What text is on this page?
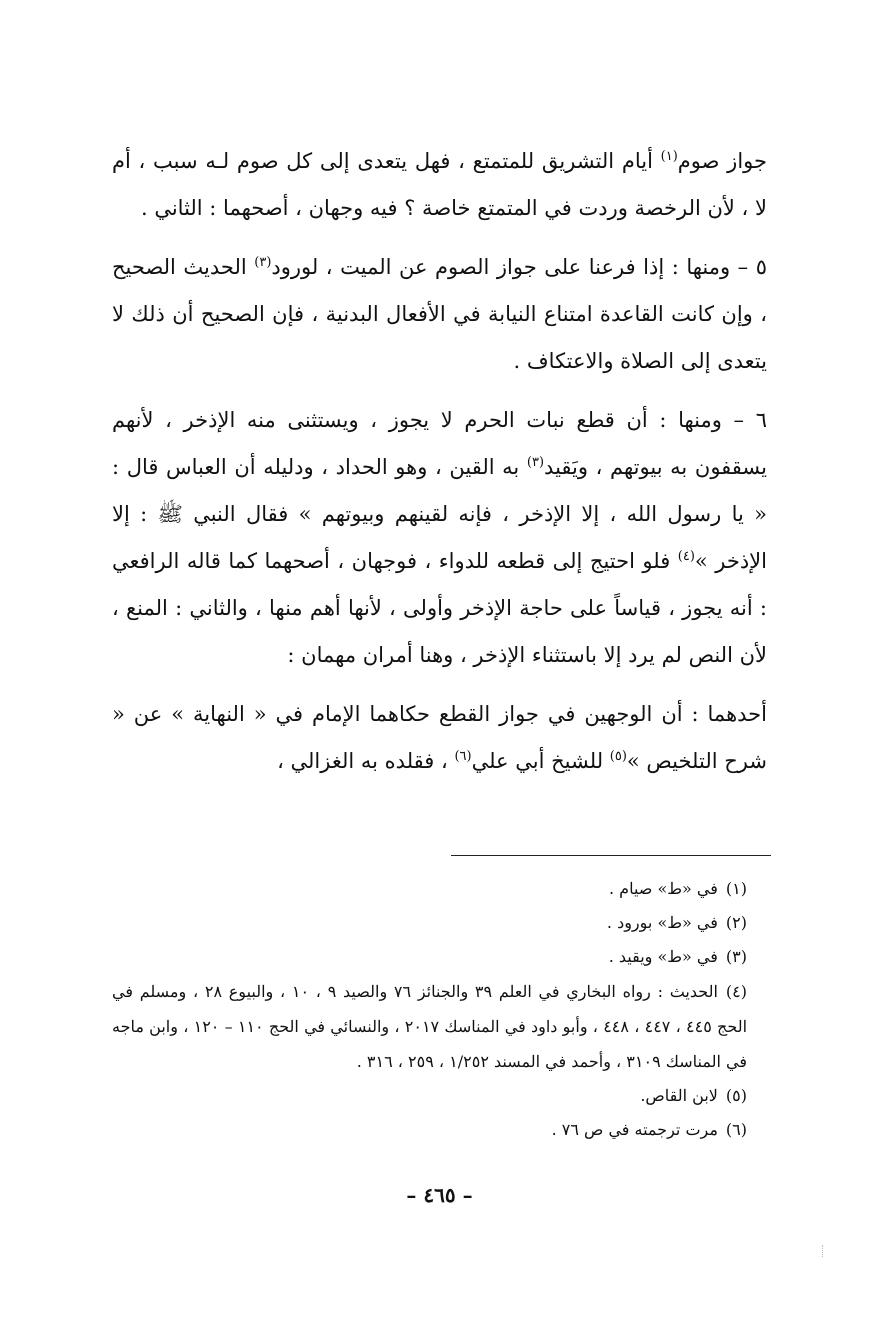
جواز صوم$^{(١)}$ أيام التشريق للمتمتع ، فهل يتعدى إلى كل صوم لـه سبب ، أم لا ، لأن الرخصة وردت في المتمتع خاصة ؟ فيه وجهان ، أصحهما : الثاني .

٥ – ومنها : إذا فرعنا على جواز الصوم عن الميت ، لورود$^{(٣)}$ الحديث الصحيح ، وإن كانت القاعدة امتناع النيابة في الأفعال البدنية ، فإن الصحيح أن ذلك لا يتعدى إلى الصلاة والاعتكاف .

٦ – ومنها : أن قطع نبات الحرم لا يجوز ، ويستثنى منه الإذخر ، لأنهم يسقفون به بيوتهم ، ويَقيد$^{(٣)}$ به القين ، وهو الحداد ، ودليله أن العباس قال : « يا رسول الله ، إلا الإذخر ، فإنه لقينهم وبيوتهم » فقال النبي ﷺ : إلا الإذخر »$^{(٤)}$ فلو احتيج إلى قطعه للدواء ، فوجهان ، أصحهما كما قاله الرافعي : أنه يجوز ، قياساً على حاجة الإذخر وأولى ، لأنها أهم منها ، والثاني : المنع ، لأن النص لم يرد إلا باستثناء الإذخر ، وهنا أمران مهمان :

أحدهما : أن الوجهين في جواز القطع حكاهما الإمام في « النهاية » عن « شرح التلخيص »$^{(٥)}$ للشيخ أبي علي$^{(٦)}$ ، فقلده به الغزالي ،

(١)في «ط» صيام .

(٢)في «ط» بورود .

(٣)في «ط» ويقيد .

(٤)الحديث : رواه البخاري في العلم ٣٩ والجنائز ٧٦ والصيد ٩ ، ١٠ ، والبيوع ٢٨ ، ومسلم في الحج ٤٤٥ ، ٤٤٧ ، ٤٤٨ ، وأبو داود في المناسك ٢٠١٧ ، والنسائي في الحج ١١٠ – ١٢٠ ، وابن ماجه في المناسك ٣١٠٩ ، وأحمد في المسند ١/٢٥٢ ، ٢٥٩ ، ٣١٦ .

(٥)لابن القاص.

(٦)مرت ترجمته في ص ٧٦ .

– ٤٦٥ –
